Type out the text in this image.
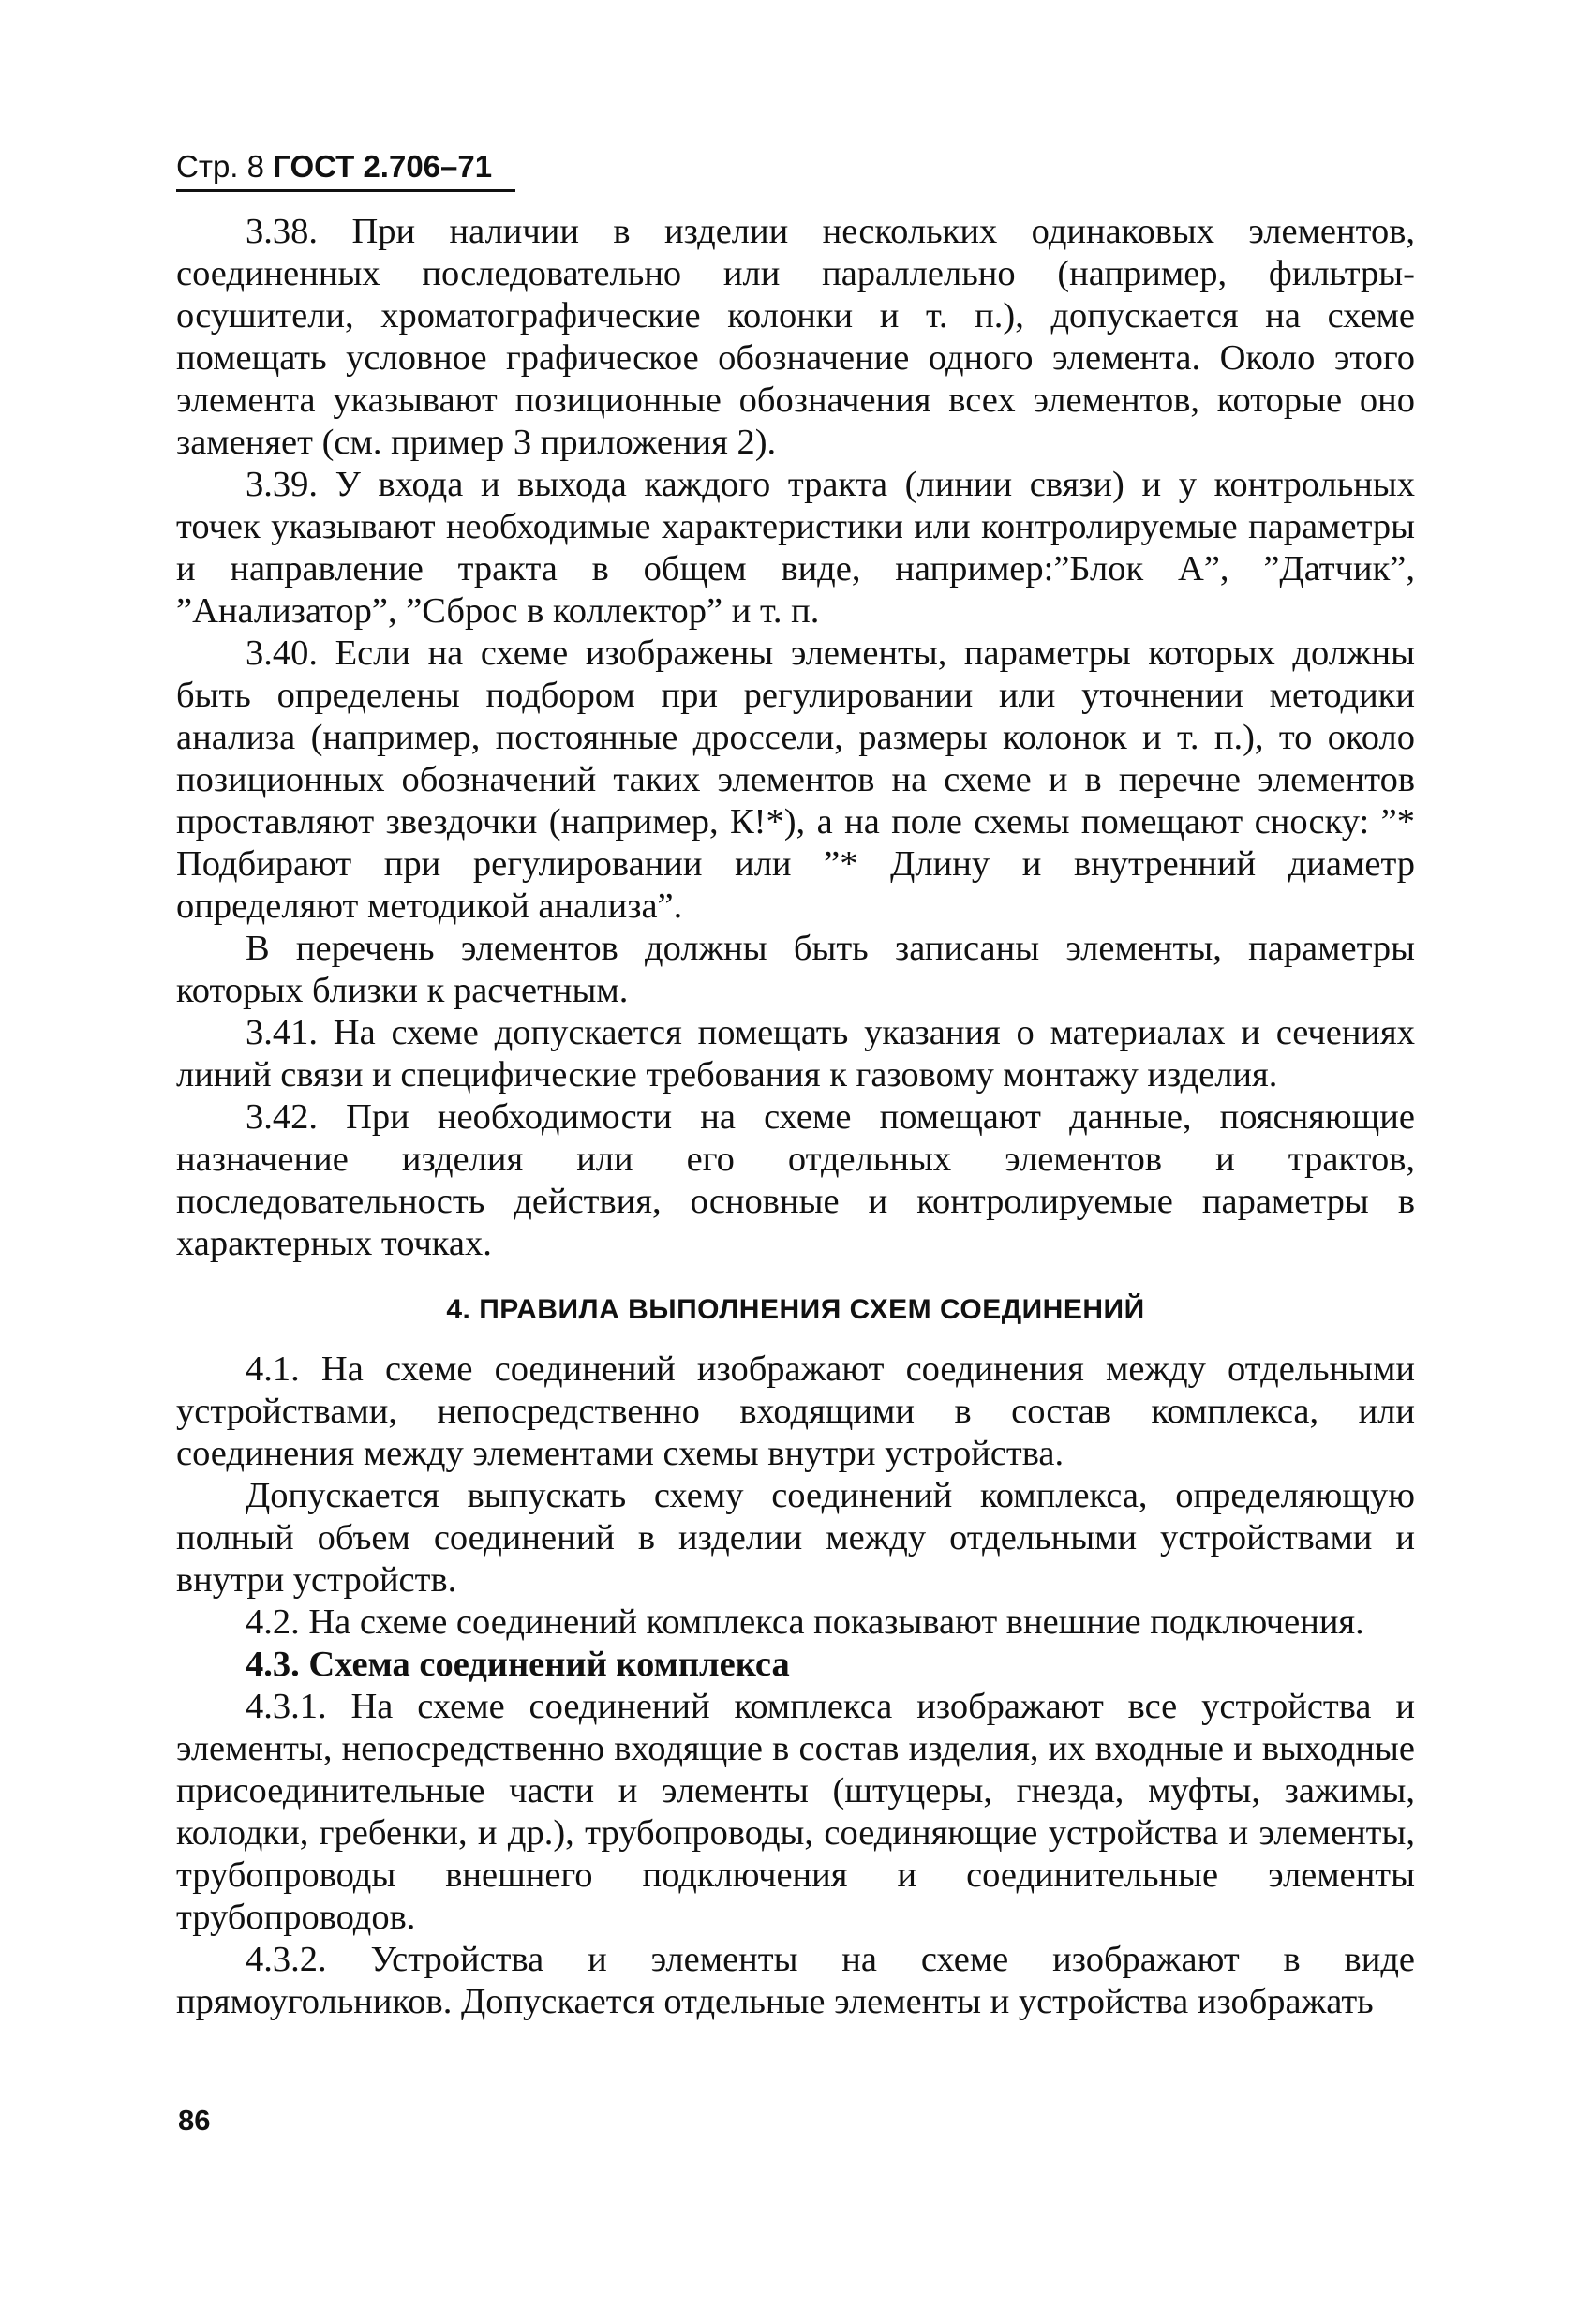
Стр. 8 ГОСТ 2.706–71

3.38. При наличии в изделии нескольких одинаковых элементов, соединенных последовательно или параллельно (например, фильтры-осушители, хроматографические колонки и т. п.), допускается на схеме помещать условное графическое обозначение одного элемента. Около этого элемента указывают позиционные обозначения всех элементов, которые оно заменяет (см. пример 3 приложения 2).

3.39. У входа и выхода каждого тракта (линии связи) и у контрольных точек указывают необходимые характеристики или контролируемые параметры и направление тракта в общем виде, например:”Блок А”, ”Датчик”, ”Анализатор”, ”Сброс в коллектор” и т. п.

3.40. Если на схеме изображены элементы, параметры которых должны быть определены подбором при регулировании или уточнении методики анализа (например, постоянные дроссели, размеры колонок и т. п.), то около позиционных обозначений таких элементов на схеме и в перечне элементов проставляют звездочки (например, К!*), а на поле схемы помещают сноску: ”* Подбирают при регулировании или ”* Длину и внутренний диаметр определяют методикой анализа”.

В перечень элементов должны быть записаны элементы, параметры которых близки к расчетным.

3.41. На схеме допускается помещать указания о материалах и сечениях линий связи и специфические требования к газовому монтажу изделия.

3.42. При необходимости на схеме помещают данные, поясняющие назначение изделия или его отдельных элементов и трактов, последовательность действия, основные и контролируемые параметры в характерных точках.

4. ПРАВИЛА ВЫПОЛНЕНИЯ СХЕМ СОЕДИНЕНИЙ

4.1. На схеме соединений изображают соединения между отдельными устройствами, непосредственно входящими в состав комплекса, или соединения между элементами схемы внутри устройства.

Допускается выпускать схему соединений комплекса, определяющую полный объем соединений в изделии между отдельными устройствами и внутри устройств.

4.2. На схеме соединений комплекса показывают внешние подключения.

4.3. Схема соединений комплекса

4.3.1. На схеме соединений комплекса изображают все устройства и элементы, непосредственно входящие в состав изделия, их входные и выходные присоединительные части и элементы (штуцеры, гнезда, муфты, зажимы, колодки, гребенки, и др.), трубопроводы, соединяющие устройства и элементы, трубопроводы внешнего подключения и соединительные элементы трубопроводов.

4.3.2. Устройства и элементы на схеме изображают в виде прямоугольников. Допускается отдельные элементы и устройства изображать

86
